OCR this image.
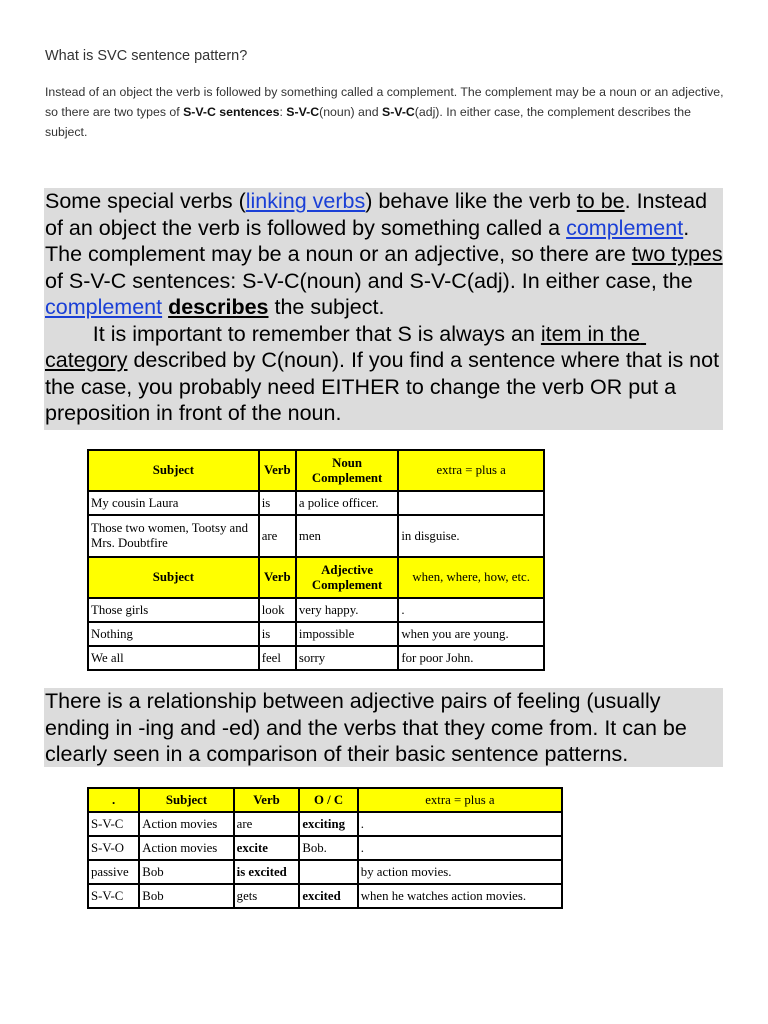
What is SVC sentence pattern?
Instead of an object the verb is followed by something called a complement. The complement may be a noun or an adjective, so there are two types of S-V-C sentences: S-V-C(noun) and S-V-C(adj). In either case, the complement describes the subject.

Some special verbs (linking verbs) behave like the verb to be. Instead of an object the verb is followed by something called a complement. The complement may be a noun or an adjective, so there are two types of S-V-C sentences: S-V-C(noun) and S-V-C(adj). In either case, the complement describes the subject.

It is important to remember that S is always an item in the category described by C(noun). If you find a sentence where that is not the case, you probably need EITHER to change the verb OR put a preposition in front of the noun.

Subject	Verb	Noun Complement	extra = plus a
My cousin Laura	is	a police officer.	
Those two women, Tootsy and Mrs. Doubtfire	are	men	in disguise.
Subject	Verb	Adjective Complement	when, where, how, etc.
Those girls	look	very happy.	.
Nothing	is	impossible	when you are young.
We all	feel	sorry	for poor John.

There is a relationship between adjective pairs of feeling (usually ending in -ing and -ed) and the verbs that they come from. It can be clearly seen in a comparison of their basic sentence patterns.

.	Subject	Verb	O / C	extra = plus a
S-V-C	Action movies	are	exciting	.
S-V-O	Action movies	excite	Bob.	.
passive	Bob	is excited		by action movies.
S-V-C	Bob	gets	excited	when he watches action movies.
